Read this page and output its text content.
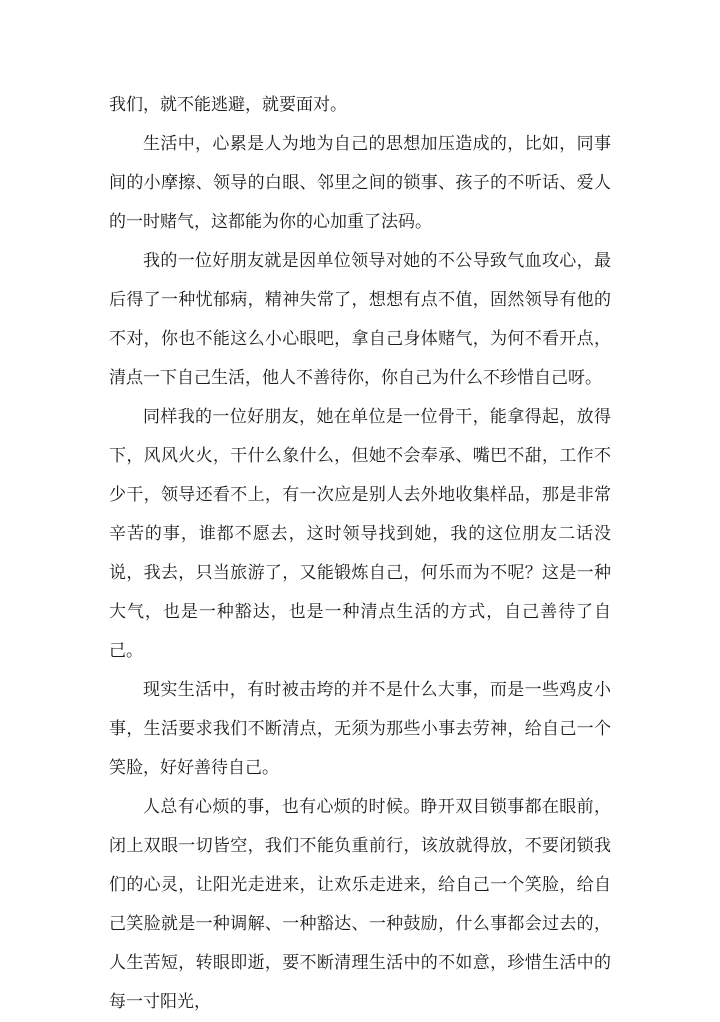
我们，就不能逃避，就要面对。

生活中，心累是人为地为自己的思想加压造成的，比如，同事间的小摩擦、领导的白眼、邻里之间的锁事、孩子的不听话、爱人的一时赌气，这都能为你的心加重了法码。

我的一位好朋友就是因单位领导对她的不公导致气血攻心，最后得了一种忧郁病，精神失常了，想想有点不值，固然领导有他的不对，你也不能这么小心眼吧，拿自己身体赌气，为何不看开点，清点一下自己生活，他人不善待你，你自己为什么不珍惜自己呀。

同样我的一位好朋友，她在单位是一位骨干，能拿得起，放得下，风风火火，干什么象什么，但她不会奉承、嘴巴不甜，工作不少干，领导还看不上，有一次应是别人去外地收集样品，那是非常辛苦的事，谁都不愿去，这时领导找到她，我的这位朋友二话没说，我去，只当旅游了，又能锻炼自己，何乐而为不呢？这是一种大气，也是一种豁达，也是一种清点生活的方式，自己善待了自己。

现实生活中，有时被击垮的并不是什么大事，而是一些鸡皮小事，生活要求我们不断清点，无须为那些小事去劳神，给自己一个笑脸，好好善待自己。

人总有心烦的事，也有心烦的时候。睁开双目锁事都在眼前，闭上双眼一切皆空，我们不能负重前行，该放就得放，不要闭锁我们的心灵，让阳光走进来，让欢乐走进来，给自己一个笑脸，给自己笑脸就是一种调解、一种豁达、一种鼓励，什么事都会过去的，人生苦短，转眼即逝，要不断清理生活中的不如意，珍惜生活中的每一寸阳光，
